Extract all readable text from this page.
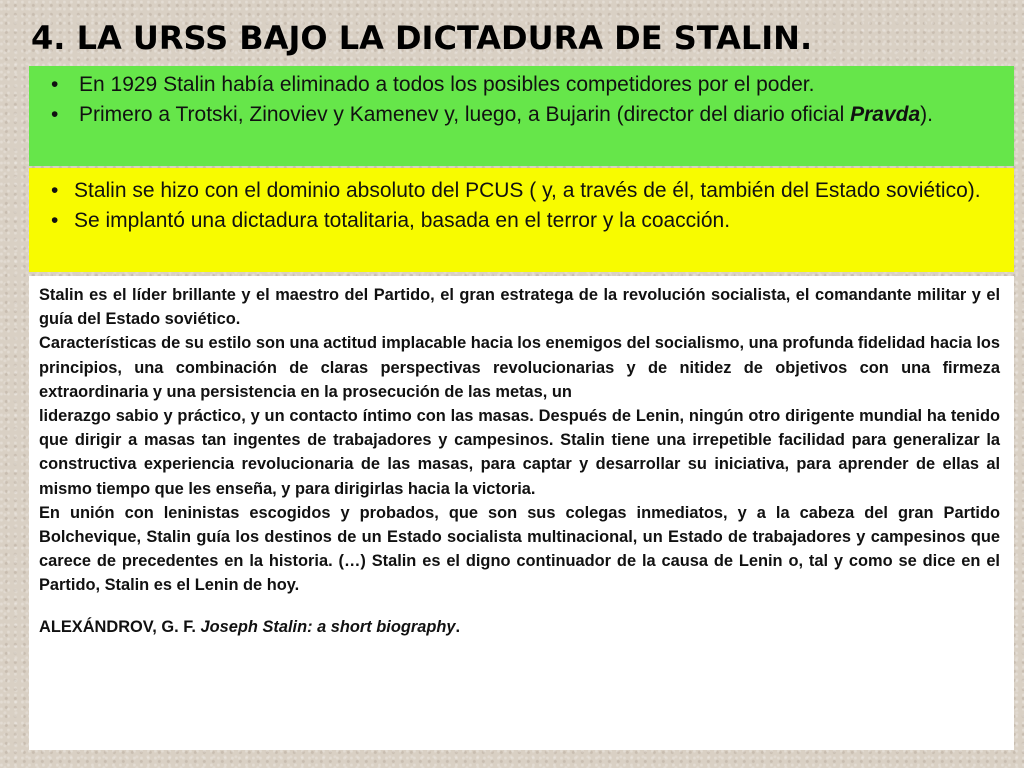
4. LA URSS BAJO LA DICTADURA DE STALIN.
• En 1929 Stalin había eliminado a todos los posibles competidores por el poder.
• Primero a Trotski, Zinoviev y Kamenev y, luego, a Bujarin (director del diario oficial Pravda).
• Stalin se hizo con el dominio absoluto del PCUS ( y, a través de él, también del Estado soviético).
• Se implantó una dictadura totalitaria, basada en el terror y la coacción.

Stalin es el líder brillante y el maestro del Partido, el gran estratega de la revolución socialista, el comandante militar y el guía del Estado soviético.

Características de su estilo son una actitud implacable hacia los enemigos del socialismo, una profunda fidelidad hacia los principios, una combinación de claras perspectivas revolucionarias y de nitidez de objetivos con una firmeza extraordinaria y una persistencia en la prosecución de las metas, un

liderazgo sabio y práctico, y un contacto íntimo con las masas. Después de Lenin, ningún otro dirigente mundial ha tenido que dirigir a masas tan ingentes de trabajadores y campesinos. Stalin tiene una irrepetible facilidad para generalizar la constructiva experiencia revolucionaria de las masas, para captar y desarrollar su iniciativa, para aprender de ellas al mismo tiempo que les enseña, y para dirigirlas hacia la victoria.

En unión con leninistas escogidos y probados, que son sus colegas inmediatos, y a la cabeza del gran Partido Bolchevique, Stalin guía los destinos de un Estado socialista multinacional, un Estado de trabajadores y campesinos que carece de precedentes en la historia. (…) Stalin es el digno continuador de la causa de Lenin o, tal y como se dice en el Partido, Stalin es el Lenin de hoy.

ALEXÁNDROV, G. F. Joseph Stalin: a short biography.
